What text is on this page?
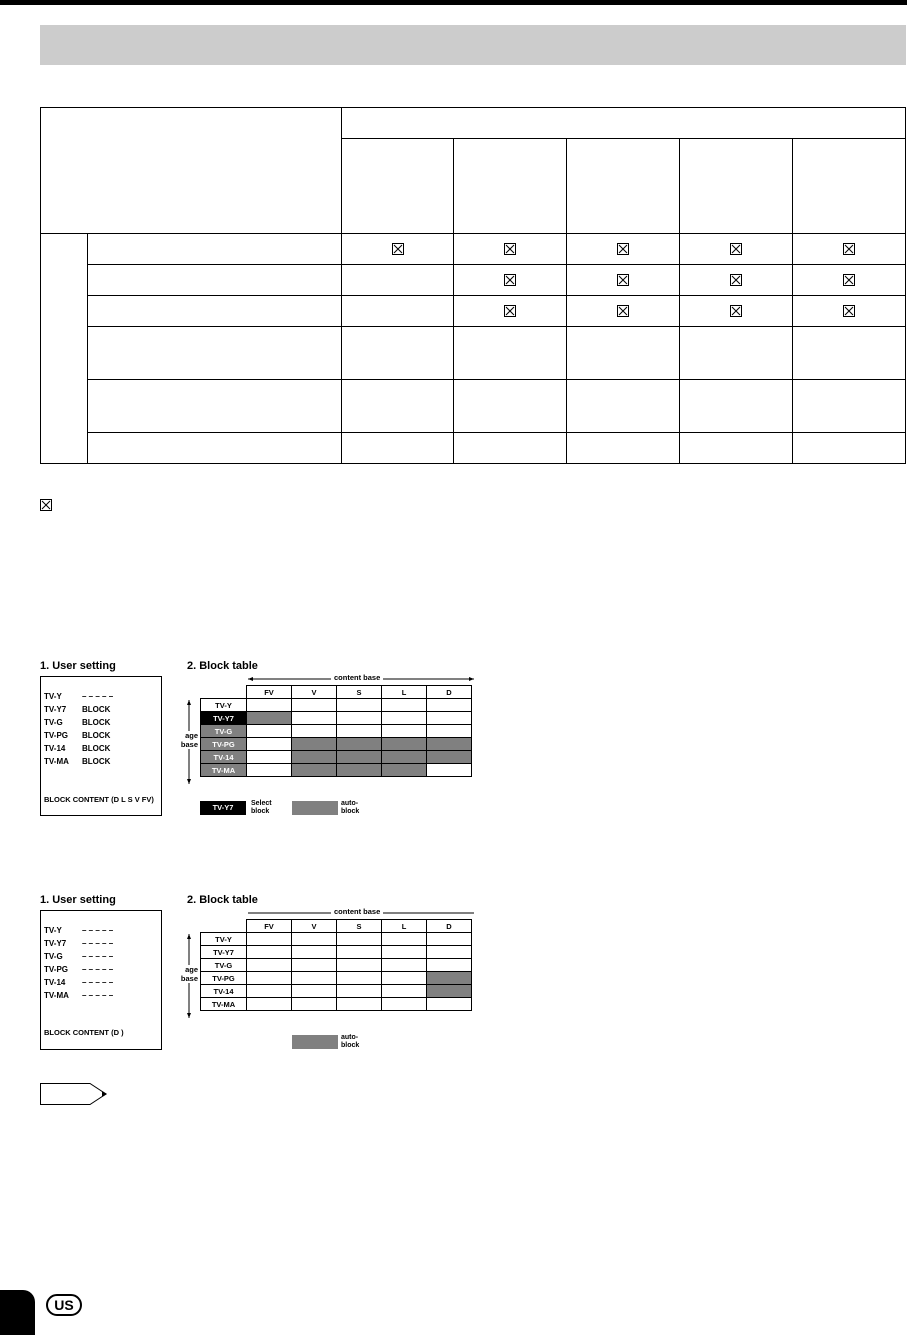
1. User setting	2. Block table
TV-Y	– – – – –
TV-Y7 BLOCK
TV-G BLOCK
TV-PG BLOCK
TV-14 BLOCK
TV-MA BLOCK
BLOCK CONTENT (D L S V FV)
content base
age
base
	FV	V	S	L	D
TV-Y					
TV-Y7					
TV-G					
TV-PG					
TV-14					
TV-MA					
TV-Y7	Select
block
auto-
block
1. User setting	2. Block table
TV-Y	– – – – –
TV-Y7 – – – – –
TV-G – – – – –
TV-PG – – – – –
TV-14 – – – – –
TV-MA – – – – –
BLOCK CONTENT (D )
content base
age
base
	FV	V	S	L	D
TV-Y					
TV-Y7					
TV-G					
TV-PG					
TV-14					
TV-MA					
auto-
block
US
